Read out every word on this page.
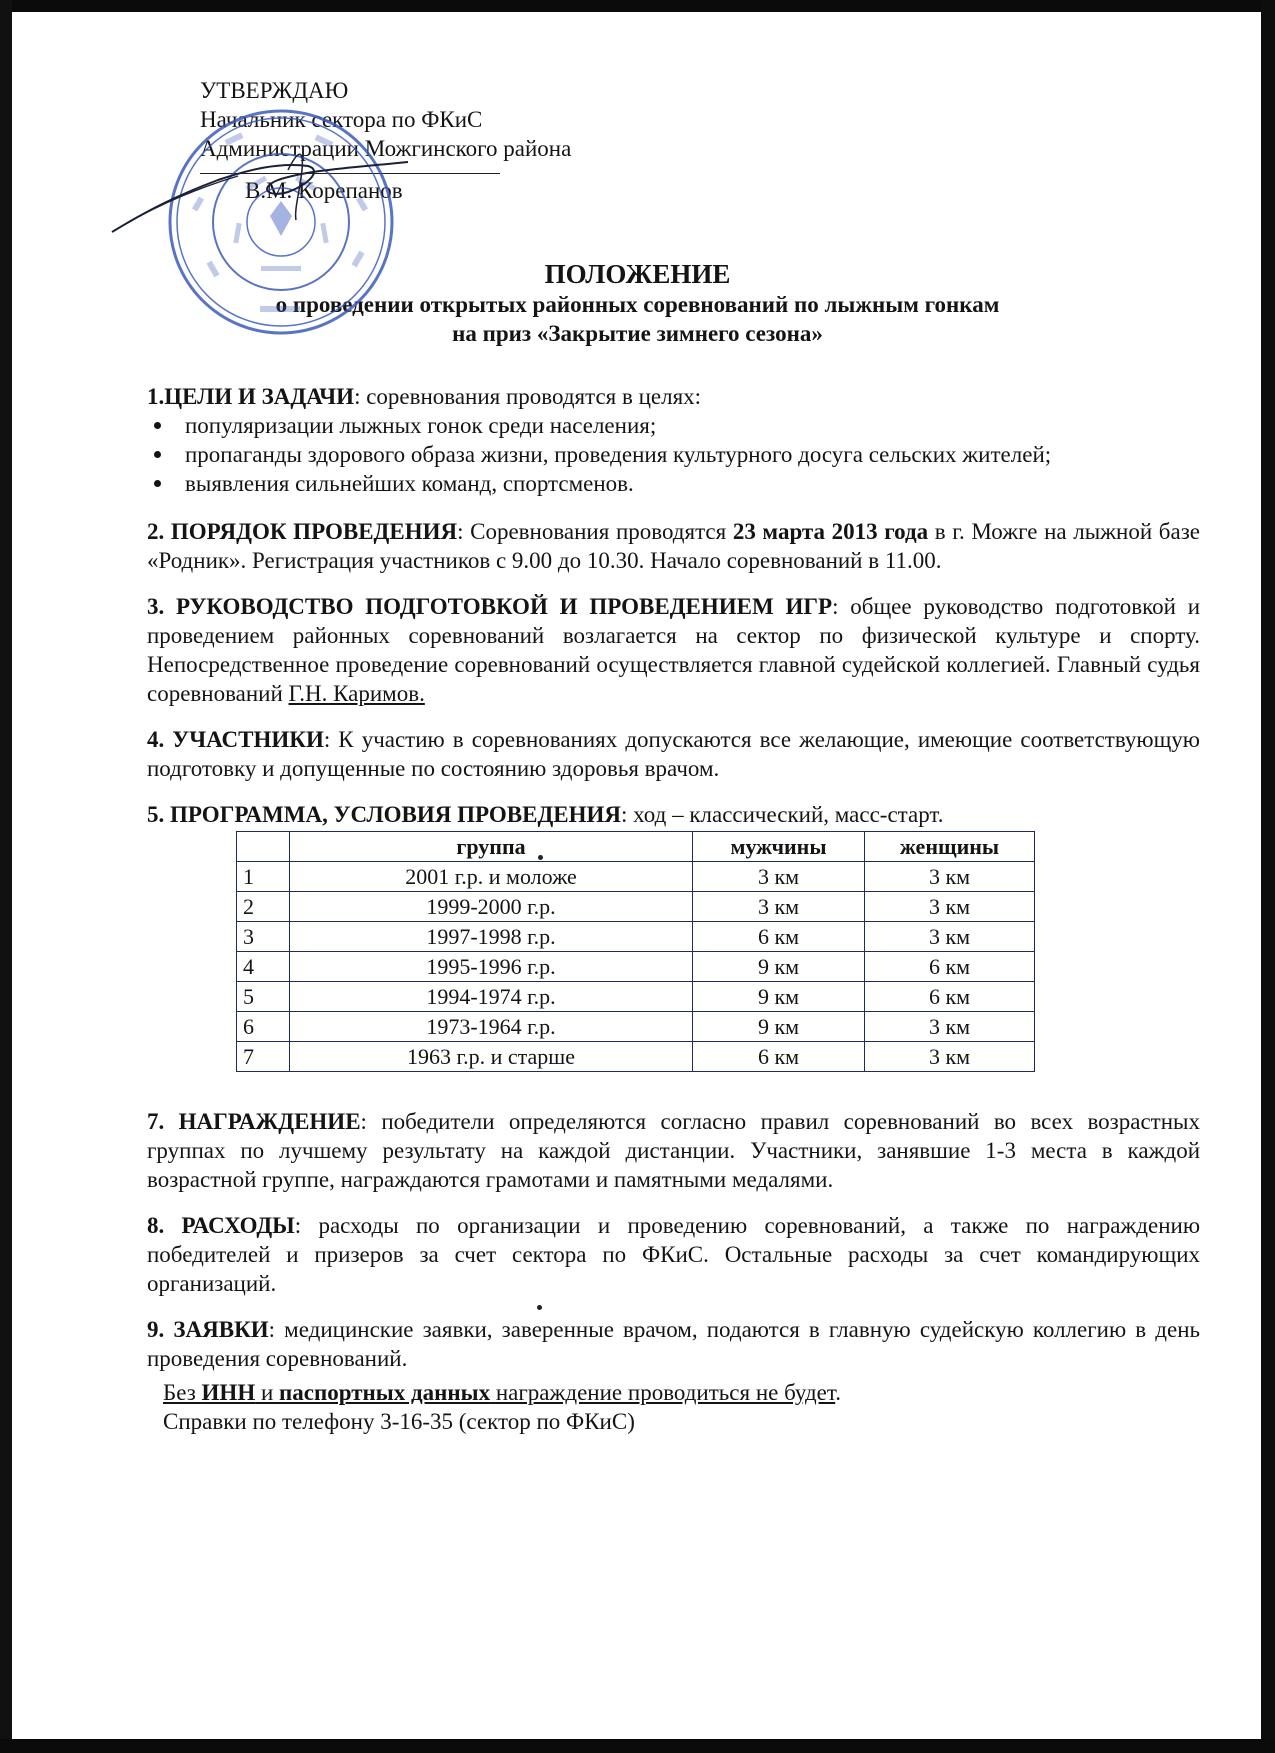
УТВЕРЖДАЮ
Начальник сектора по ФКиС
Администрации Можгинского района
В.М. Корепанов
ПОЛОЖЕНИЕ
о проведении открытых районных соревнований по лыжным гонкам
на приз «Закрытие зимнего сезона»
1.ЦЕЛИ И ЗАДАЧИ: соревнования проводятся в целях:
популяризации лыжных гонок среди населения;
пропаганды здорового образа жизни, проведения культурного досуга сельских жителей;
выявления сильнейших команд, спортсменов.
2. ПОРЯДОК ПРОВЕДЕНИЯ: Соревнования проводятся 23 марта 2013 года в г. Можге на лыжной базе «Родник». Регистрация участников с 9.00 до 10.30. Начало соревнований в 11.00.
3. РУКОВОДСТВО ПОДГОТОВКОЙ И ПРОВЕДЕНИЕМ ИГР: общее руководство подготовкой и проведением районных соревнований возлагается на сектор по физической культуре и спорту. Непосредственное проведение соревнований осуществляется главной судейской коллегией. Главный судья соревнований Г.Н. Каримов.
4. УЧАСТНИКИ: К участию в соревнованиях допускаются все желающие, имеющие соответствующую подготовку и допущенные по состоянию здоровья врачом.
5. ПРОГРАММА, УСЛОВИЯ ПРОВЕДЕНИЯ: ход – классический, масс-старт.
	группа	мужчины	женщины
1	2001 г.р. и моложе	3 км	3 км
2	1999-2000 г.р.	3 км	3 км
3	1997-1998 г.р.	6 км	3 км
4	1995-1996 г.р.	9 км	6 км
5	1994-1974 г.р.	9 км	6 км
6	1973-1964 г.р.	9 км	3 км
7	1963 г.р. и старше	6 км	3 км
7. НАГРАЖДЕНИЕ: победители определяются согласно правил соревнований во всех возрастных группах по лучшему результату на каждой дистанции. Участники, занявшие 1-3 места в каждой возрастной группе, награждаются грамотами и памятными медалями.
8. РАСХОДЫ: расходы по организации и проведению соревнований, а также по награждению победителей и призеров за счет сектора по ФКиС. Остальные расходы за счет командирующих организаций.
9. ЗАЯВКИ: медицинские заявки, заверенные врачом, подаются в главную судейскую коллегию в день проведения соревнований.
Без ИНН и паспортных данных награждение проводиться не будет.
Справки по телефону 3-16-35 (сектор по ФКиС)
